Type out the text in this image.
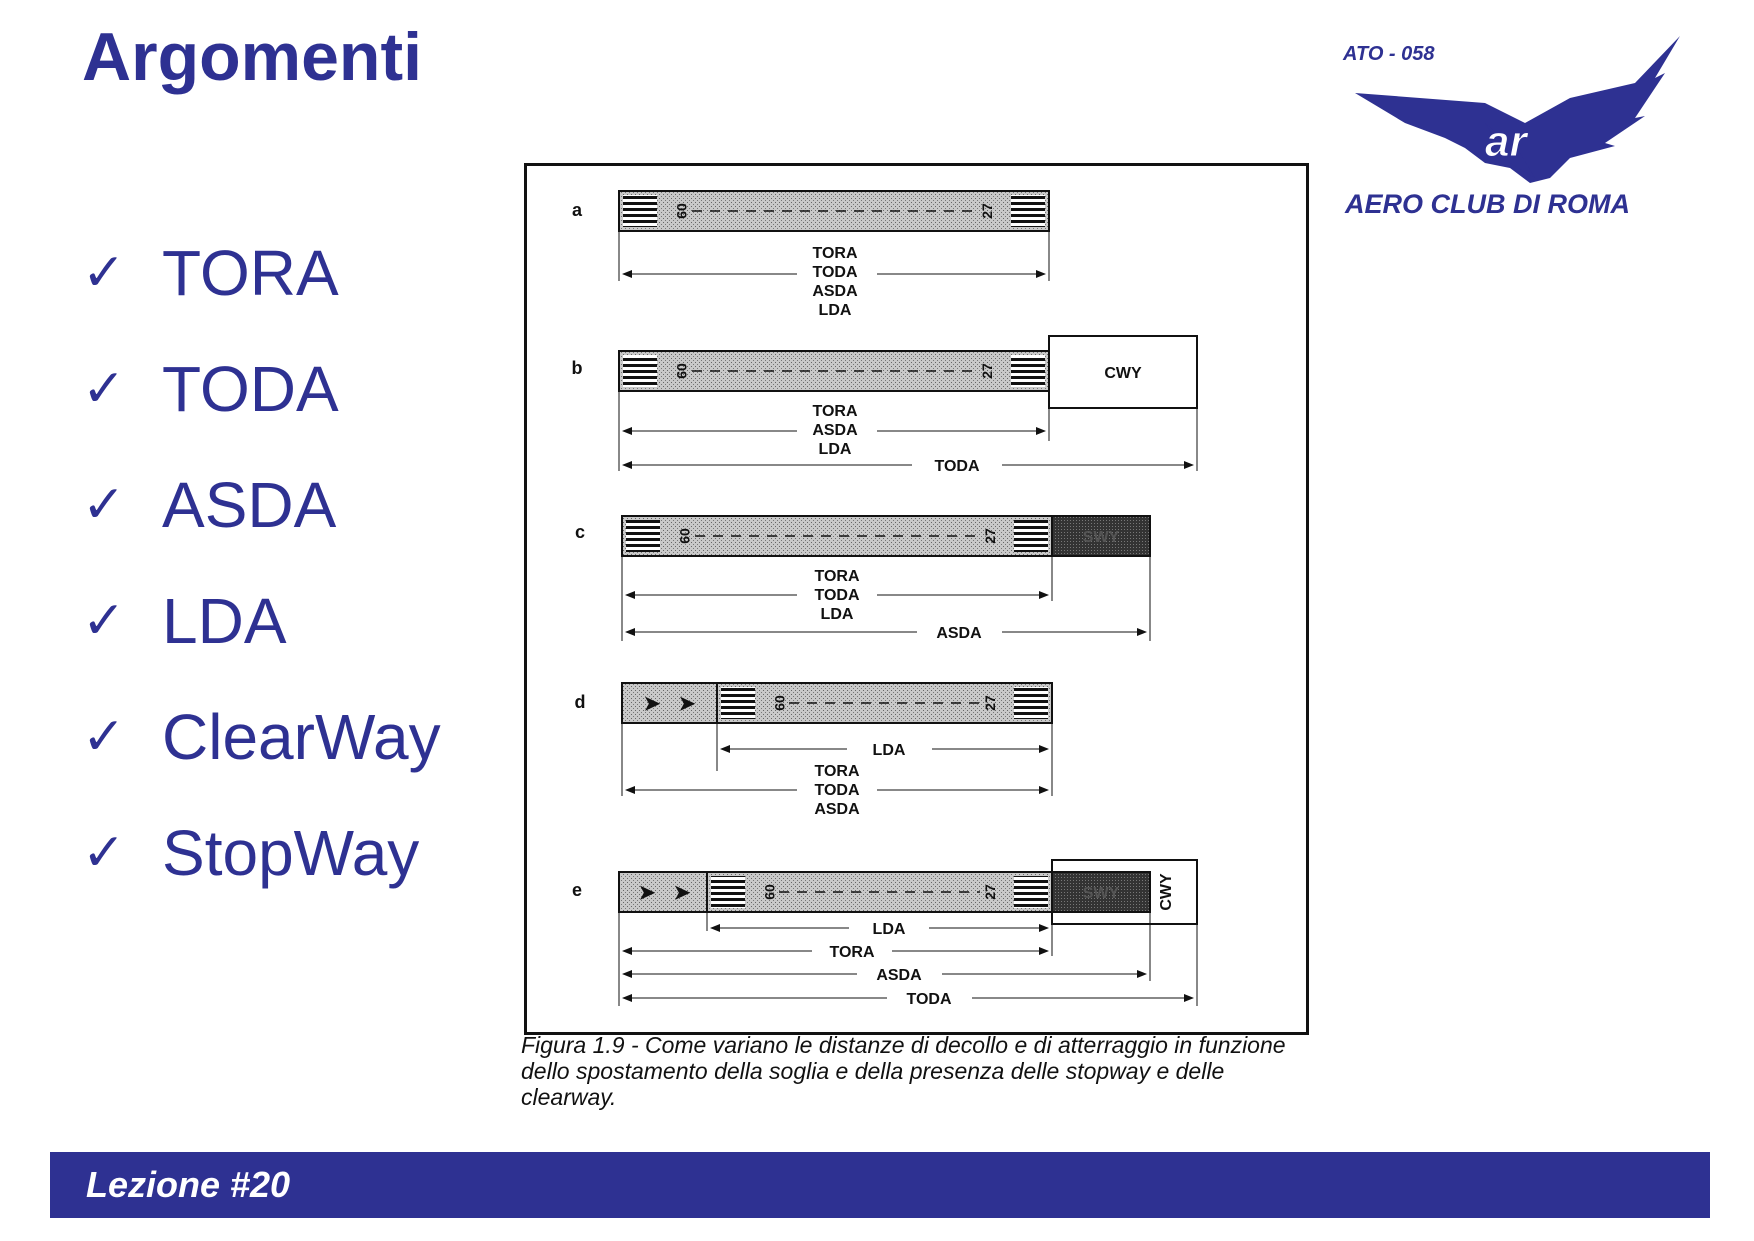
Argomenti	ATO - 058
ar
AERO CLUB DI ROMA
✓ TORA
✓ TODA
✓ ASDA
✓ LDA
✓ ClearWay
✓ StopWay
a	09	27
TORA
TODA
ASDA
LDA
b	09	27	CWY
TORA
ASDA
LDA
TODA
c	09	27	SWY
TORA
TODA
LDA
ASDA
d	➤ ➤	09	27
LDA
TORA
TODA
ASDA
e	➤ ➤	09	27	SWY CWY
LDA
TORA
ASDA
TODA

Figura 1.9 - Come variano le distanze di decollo e di atterraggio in funzione dello spostamento della soglia e della presenza delle stopway e delle clearway.

Lezione #20
